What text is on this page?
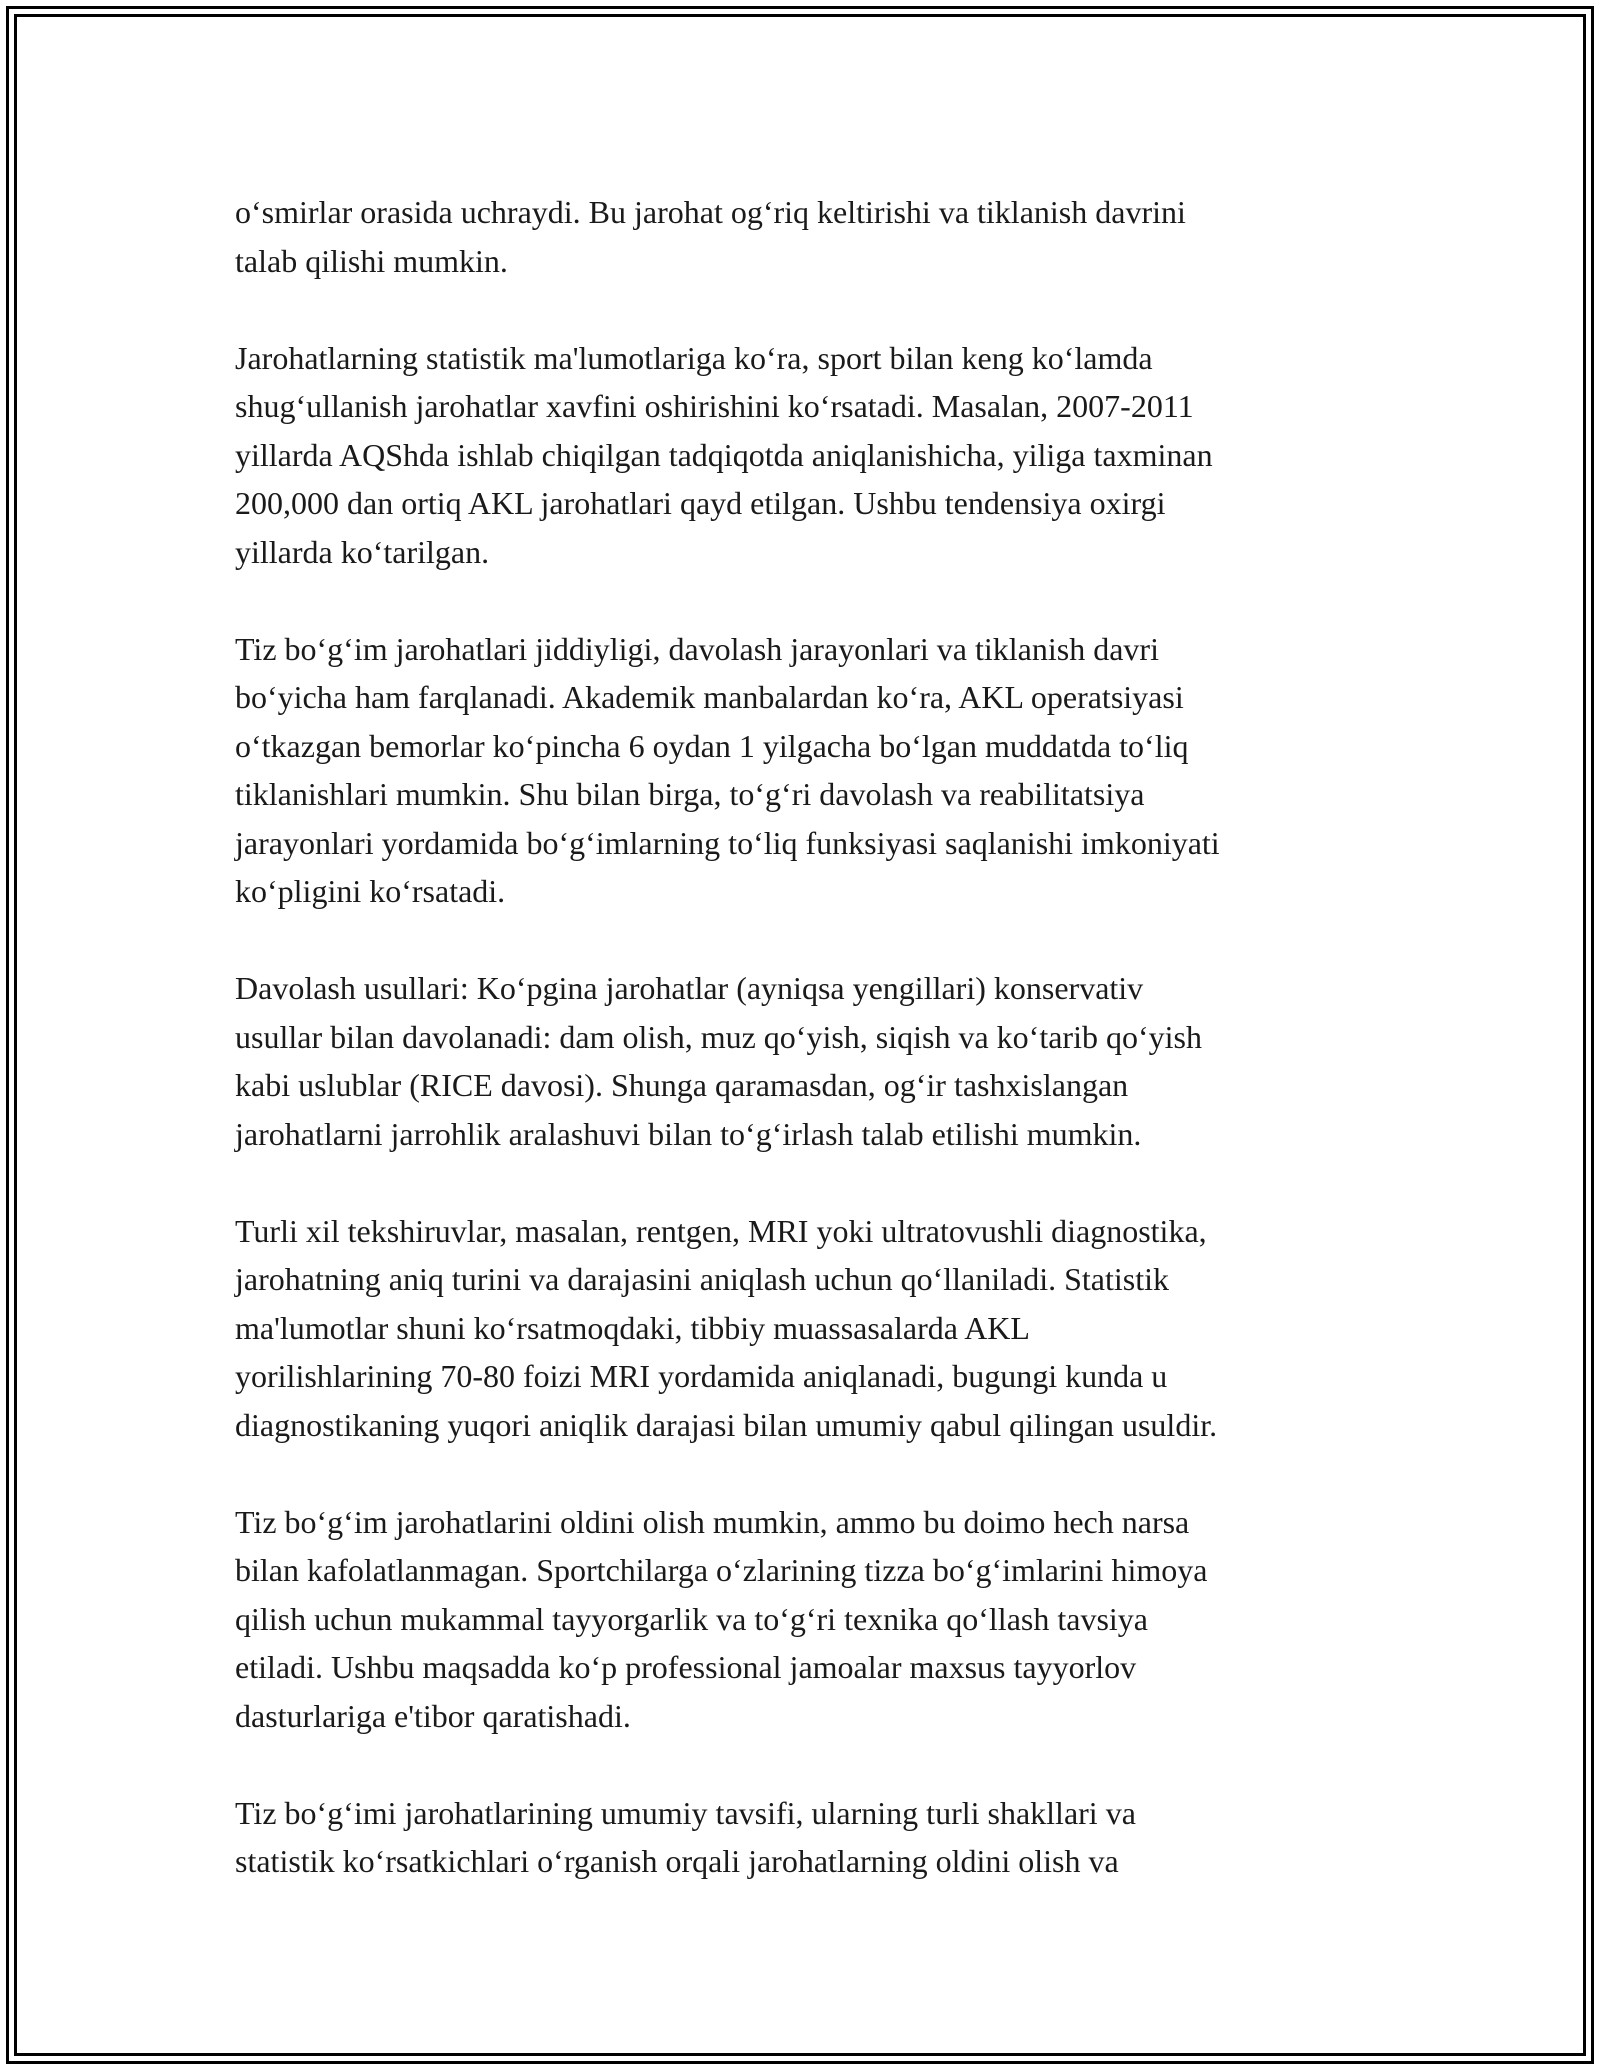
o‘smirlar orasida uchraydi. Bu jarohat og‘riq keltirishi va tiklanish davrini
talab qilishi mumkin.

Jarohatlarning statistik ma'lumotlariga ko‘ra, sport bilan keng ko‘lamda
shug‘ullanish jarohatlar xavfini oshirishini ko‘rsatadi. Masalan, 2007-2011
yillarda AQShda ishlab chiqilgan tadqiqotda aniqlanishicha, yiliga taxminan
200,000 dan ortiq AKL jarohatlari qayd etilgan. Ushbu tendensiya oxirgi
yillarda ko‘tarilgan.

Tiz bo‘g‘im jarohatlari jiddiyligi, davolash jarayonlari va tiklanish davri
bo‘yicha ham farqlanadi. Akademik manbalardan ko‘ra, AKL operatsiyasi
o‘tkazgan bemorlar ko‘pincha 6 oydan 1 yilgacha bo‘lgan muddatda to‘liq
tiklanishlari mumkin. Shu bilan birga, to‘g‘ri davolash va reabilitatsiya
jarayonlari yordamida bo‘g‘imlarning to‘liq funksiyasi saqlanishi imkoniyati
ko‘pligini ko‘rsatadi.

Davolash usullari: Ko‘pgina jarohatlar (ayniqsa yengillari) konservativ
usullar bilan davolanadi: dam olish, muz qo‘yish, siqish va ko‘tarib qo‘yish
kabi uslublar (RICE davosi). Shunga qaramasdan, og‘ir tashxislangan
jarohatlarni jarrohlik aralashuvi bilan to‘g‘irlash talab etilishi mumkin.

Turli xil tekshiruvlar, masalan, rentgen, MRI yoki ultratovushli diagnostika,
jarohatning aniq turini va darajasini aniqlash uchun qo‘llaniladi. Statistik
ma'lumotlar shuni ko‘rsatmoqdaki, tibbiy muassasalarda AKL
yorilishlarining 70-80 foizi MRI yordamida aniqlanadi, bugungi kunda u
diagnostikaning yuqori aniqlik darajasi bilan umumiy qabul qilingan usuldir.

Tiz bo‘g‘im jarohatlarini oldini olish mumkin, ammo bu doimo hech narsa
bilan kafolatlanmagan. Sportchilarga o‘zlarining tizza bo‘g‘imlarini himoya
qilish uchun mukammal tayyorgarlik va to‘g‘ri texnika qo‘llash tavsiya
etiladi. Ushbu maqsadda ko‘p professional jamoalar maxsus tayyorlov
dasturlariga e'tibor qaratishadi.

Tiz bo‘g‘imi jarohatlarining umumiy tavsifi, ularning turli shakllari va
statistik ko‘rsatkichlari o‘rganish orqali jarohatlarning oldini olish va
